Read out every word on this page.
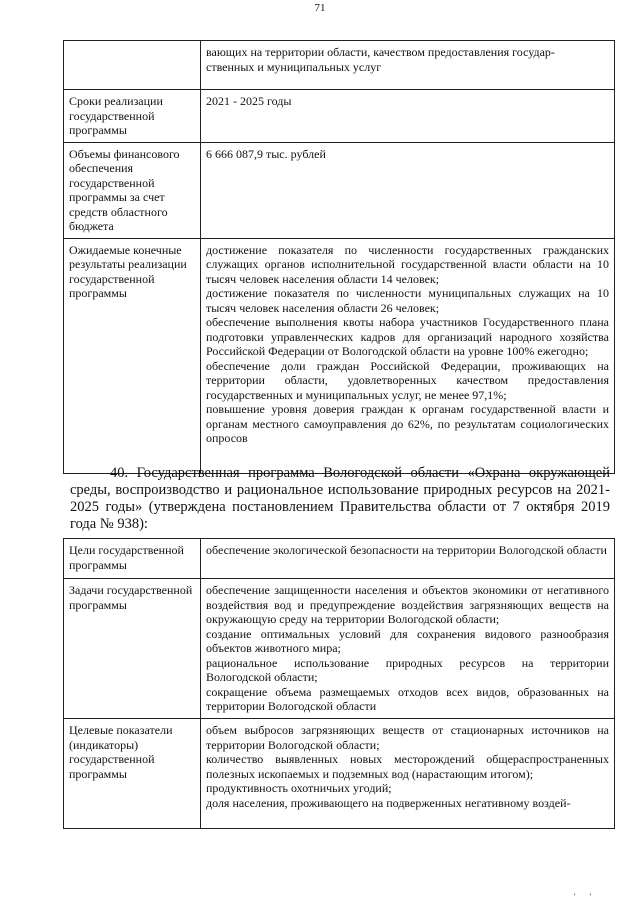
71

	вающих на территории области, качеством предоставления государ-
ственных и муниципальных услуг

Сроки реализации государственной программы	2021 - 2025 годы

Объемы финансового обеспечения государственной программы за счет средств областного бюджета	6 666 087,9 тыс. рублей

Ожидаемые конечные результаты реализации государственной программы	достижение показателя по численности государственных гражданских служащих органов исполнительной государственной власти области на 10 тысяч человек населения области 14 человек;
достижение показателя по численности муниципальных служащих на 10 тысяч человек населения области 26 человек;
обеспечение выполнения квоты набора участников Государственного плана подготовки управленческих кадров для организаций народного хозяйства Российской Федерации от Вологодской области на уровне 100% ежегодно;
обеспечение доли граждан Российской Федерации, проживающих на территории области, удовлетворенных качеством предоставления государственных и муниципальных услуг, не менее 97,1%;
повышение уровня доверия граждан к органам государственной власти и органам местного самоуправления до 62%, по результатам социологических опросов
40. Государственная программа Вологодской области «Охрана окружающей среды, воспроизводство и рациональное использование природных ресурсов на 2021-2025 годы» (утверждена постановлением Правительства области от 7 октября 2019 года № 938):
Цели государственной программы	обеспечение экологической безопасности на территории Вологодской области

Задачи государственной программы	обеспечение защищенности населения и объектов экономики от негативного воздействия вод и предупреждение воздействия загрязняющих веществ на окружающую среду на территории Вологодской области;
создание оптимальных условий для сохранения видового разнообразия объектов животного мира;
рациональное использование природных ресурсов на территории Вологодской области;
сокращение объема размещаемых отходов всех видов, образованных на территории Вологодской области

Целевые показатели (индикаторы) государственной программы	объем выбросов загрязняющих веществ от стационарных источников на территории Вологодской области;
количество выявленных новых месторождений общераспространенных полезных ископаемых и подземных вод (нарастающим итогом);
продуктивность охотничьих угодий;
доля населения, проживающего на подверженных негативному воздей-
' '
